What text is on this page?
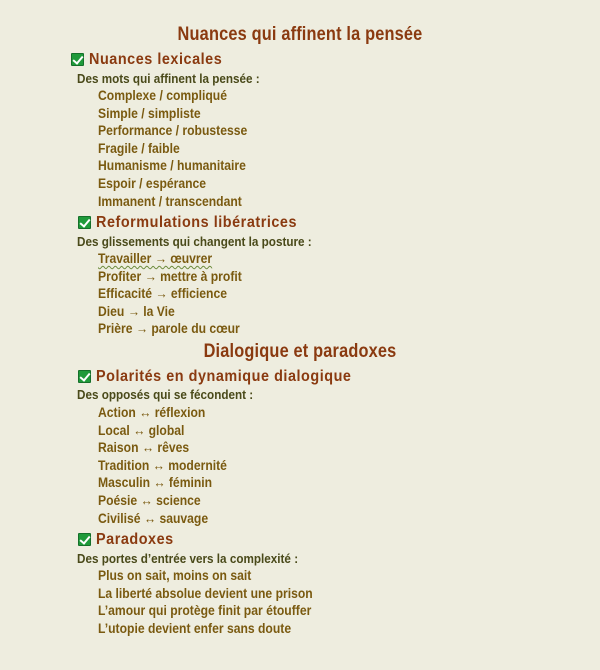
Nuances qui affinent la pensée
Nuances lexicales
Des mots qui affinent la pensée :
Complexe / compliqué
Simple / simpliste
Performance / robustesse
Fragile / faible
Humanisme / humanitaire
Espoir / espérance
Immanent / transcendant
Reformulations libératrices
Des glissements qui changent la posture :
Travailler → œuvrer
Profiter → mettre à profit
Efficacité → efficience
Dieu → la Vie
Prière → parole du cœur
Dialogique et paradoxes
Polarités en dynamique dialogique
Des opposés qui se fécondent :
Action ↔ réflexion
Local ↔ global
Raison ↔ rêves
Tradition ↔ modernité
Masculin ↔ féminin
Poésie ↔ science
Civilisé ↔ sauvage
Paradoxes
Des portes d’entrée vers la complexité :
Plus on sait, moins on sait
La liberté absolue devient une prison
L’amour qui protège finit par étouffer
L’utopie devient enfer sans doute
